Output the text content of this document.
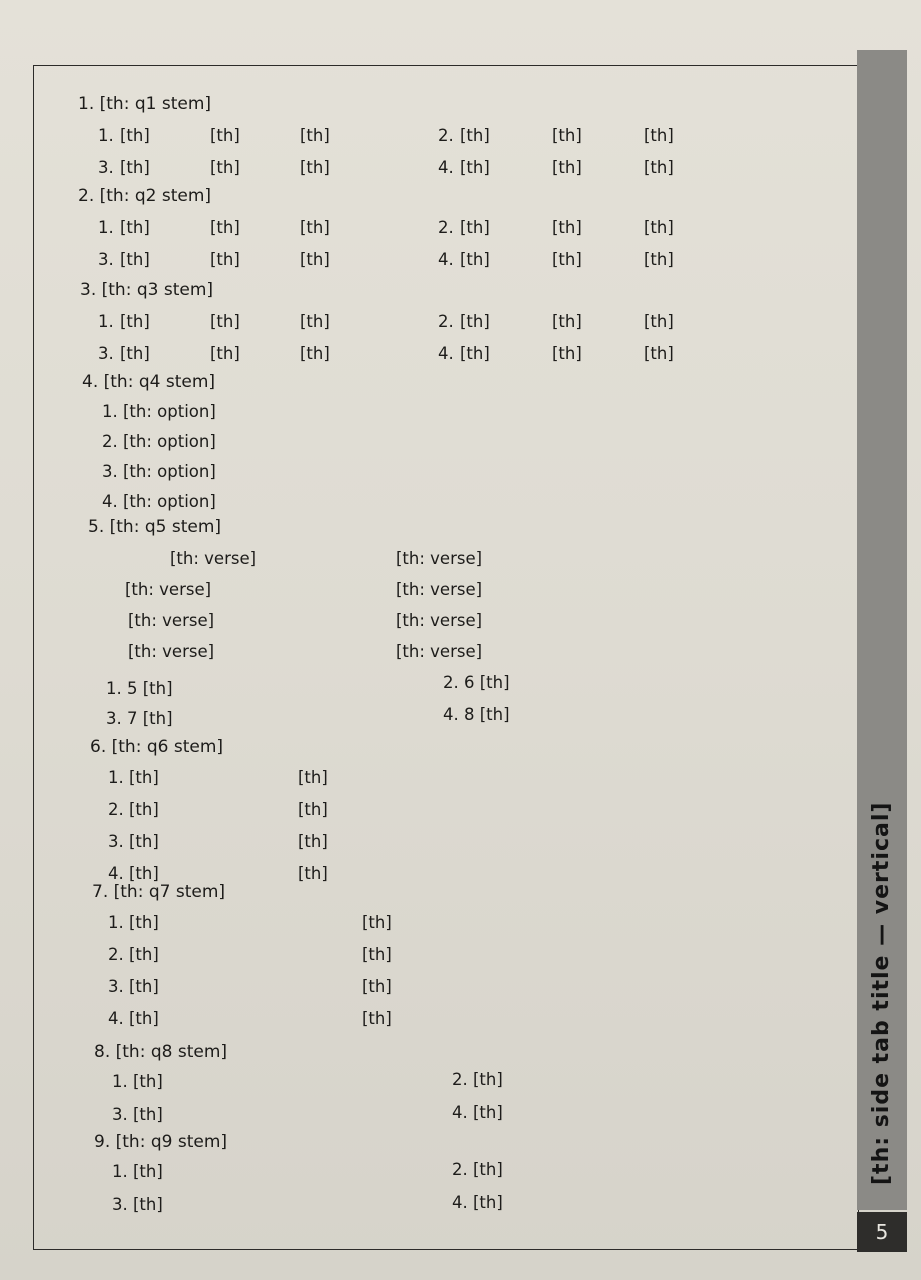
[th: side tab title — vertical]
5
1. [th: q1 stem]
1. [th]	[th]	[th]	2. [th]	[th]	[th]
3. [th]	[th]	[th]	4. [th]	[th]	[th]
2. [th: q2 stem]
1. [th]	[th]	[th]	2. [th]	[th]	[th]
3. [th]	[th]	[th]	4. [th]	[th]	[th]
3. [th: q3 stem]
1. [th]	[th]	[th]	2. [th]	[th]	[th]
3. [th]	[th]	[th]	4. [th]	[th]	[th]
4. [th: q4 stem]
1. [th: option]
2. [th: option]
3. [th: option]
4. [th: option]
5. [th: q5 stem]
[th: verse]	[th: verse]
[th: verse]	[th: verse]
[th: verse]	[th: verse]
[th: verse]	[th: verse]
1. 5 [th]	2. 6 [th]
3. 7 [th]	4. 8 [th]
6. [th: q6 stem]
1. [th]	[th]
2. [th]	[th]
3. [th]	[th]
4. [th]	[th]
7. [th: q7 stem]
1. [th]	[th]
2. [th]	[th]
3. [th]	[th]
4. [th]	[th]
8. [th: q8 stem]
1. [th]	2. [th]
3. [th]	4. [th]
9. [th: q9 stem]
1. [th]	2. [th]
3. [th]	4. [th]
